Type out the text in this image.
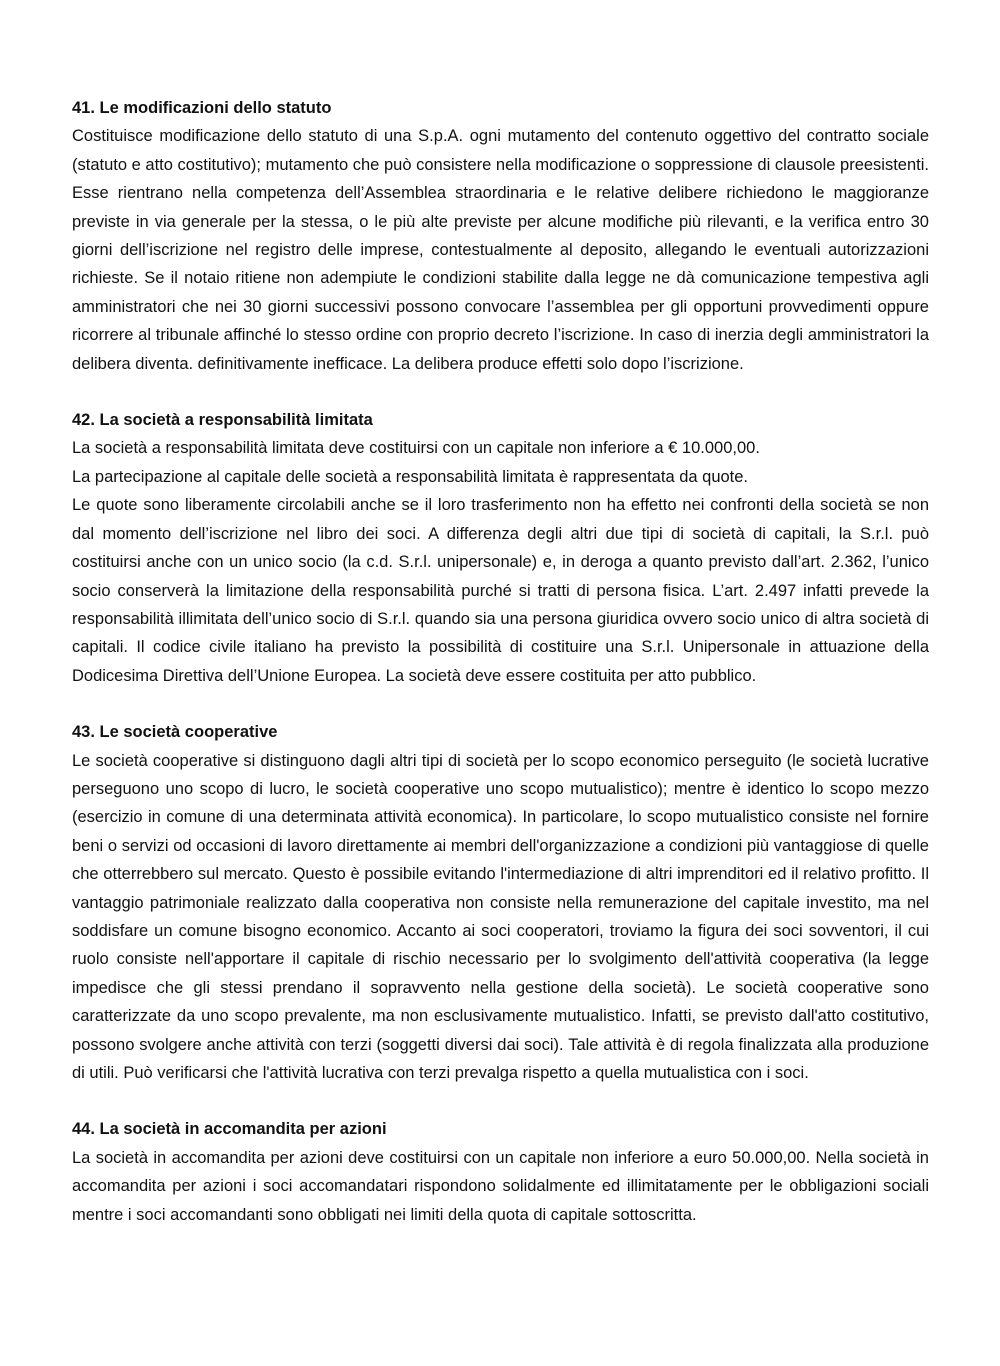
41. Le modificazioni dello statuto

Costituisce modificazione dello statuto di una S.p.A. ogni mutamento del contenuto oggettivo del contratto sociale (statuto e atto costitutivo); mutamento che può consistere nella modificazione o soppressione di clausole preesistenti. Esse rientrano nella competenza dell’Assemblea straordinaria e le relative delibere richiedono le maggioranze previste in via generale per la stessa, o le più alte previste per alcune modifiche più rilevanti, e la verifica entro 30 giorni dell’iscrizione nel registro delle imprese, contestualmente al deposito, allegando le eventuali autorizzazioni richieste. Se il notaio ritiene non adempiute le condizioni stabilite dalla legge ne dà comunicazione tempestiva agli amministratori che nei 30 giorni successivi possono convocare l’assemblea per gli opportuni provvedimenti oppure ricorrere al tribunale affinché lo stesso ordine con proprio decreto l’iscrizione. In caso di inerzia degli amministratori la delibera diventa. definitivamente inefficace. La delibera produce effetti solo dopo l’iscrizione.

42. La società a responsabilità limitata

La società a responsabilità limitata deve costituirsi con un capitale non inferiore a € 10.000,00.

La partecipazione al capitale delle società a responsabilità limitata è rappresentata da quote.

Le quote sono liberamente circolabili anche se il loro trasferimento non ha effetto nei confronti della società se non dal momento dell’iscrizione nel libro dei soci. A differenza degli altri due tipi di società di capitali, la S.r.l. può costituirsi anche con un unico socio (la c.d. S.r.l. unipersonale) e, in deroga a quanto previsto dall’art. 2.362, l’unico socio conserverà la limitazione della responsabilità purché si tratti di persona fisica. L’art. 2.497 infatti prevede la responsabilità illimitata dell’unico socio di S.r.l. quando sia una persona giuridica ovvero socio unico di altra società di capitali. Il codice civile italiano ha previsto la possibilità di costituire una S.r.l. Unipersonale in attuazione della Dodicesima Direttiva dell’Unione Europea. La società deve essere costituita per atto pubblico.

43. Le società cooperative

Le società cooperative si distinguono dagli altri tipi di società per lo scopo economico perseguito (le società lucrative perseguono uno scopo di lucro, le società cooperative uno scopo mutualistico); mentre è identico lo scopo mezzo (esercizio in comune di una determinata attività economica). In particolare, lo scopo mutualistico consiste nel fornire beni o servizi od occasioni di lavoro direttamente ai membri dell'organizzazione a condizioni più vantaggiose di quelle che otterrebbero sul mercato. Questo è possibile evitando l'intermediazione di altri imprenditori ed il relativo profitto. Il vantaggio patrimoniale realizzato dalla cooperativa non consiste nella remunerazione del capitale investito, ma nel soddisfare un comune bisogno economico. Accanto ai soci cooperatori, troviamo la figura dei soci sovventori, il cui ruolo consiste nell'apportare il capitale di rischio necessario per lo svolgimento dell'attività cooperativa (la legge impedisce che gli stessi prendano il sopravvento nella gestione della società). Le società cooperative sono caratterizzate da uno scopo prevalente, ma non esclusivamente mutualistico. Infatti, se previsto dall'atto costitutivo, possono svolgere anche attività con terzi (soggetti diversi dai soci). Tale attività è di regola finalizzata alla produzione di utili. Può verificarsi che l'attività lucrativa con terzi prevalga rispetto a quella mutualistica con i soci.

44. La società in accomandita per azioni

La società in accomandita per azioni deve costituirsi con un capitale non inferiore a euro 50.000,00. Nella società in accomandita per azioni i soci accomandatari rispondono solidalmente ed illimitatamente per le obbligazioni sociali mentre i soci accomandanti sono obbligati nei limiti della quota di capitale sottoscritta.
